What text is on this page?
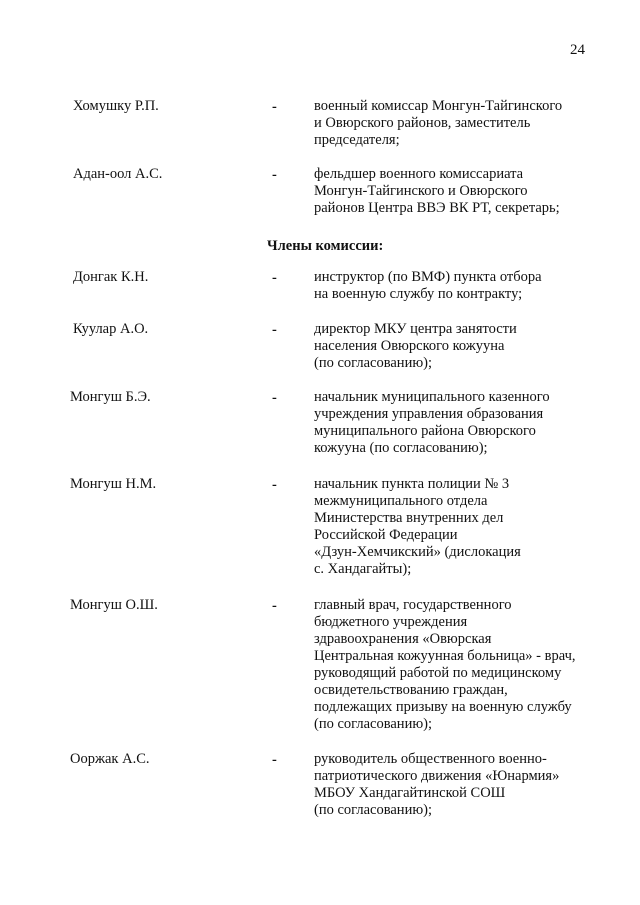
24
Хомушку Р.П.	-	военный комиссар Монгун-Тайгинского
и Овюрского районов, заместитель
председателя;
Адан-оол А.С.	-	фельдшер военного комиссариата
Монгун-Тайгинского и Овюрского
районов Центра ВВЭ ВК РТ, секретарь;
Члены комиссии:
Донгак К.Н.	-	инструктор (по ВМФ) пункта отбора
на военную службу по контракту;
Куулар А.О.	-	директор МКУ центра занятости
населения Овюрского кожууна
(по согласованию);
Монгуш Б.Э.	-	начальник муниципального казенного
учреждения управления образования
муниципального района Овюрского
кожууна (по согласованию);
Монгуш Н.М.	-	начальник пункта полиции № 3
межмуниципального отдела
Министерства внутренних дел
Российской Федерации
«Дзун-Хемчикский» (дислокация
с. Хандагайты);
Монгуш О.Ш.	-	главный врач, государственного
бюджетного учреждения
здравоохранения «Овюрская
Центральная кожуунная больница» - врач,
руководящий работой по медицинскому
освидетельствованию граждан,
подлежащих призыву на военную службу
(по согласованию);
Ооржак А.С.	-	руководитель общественного военно-
патриотического движения «Юнармия»
МБОУ Хандагайтинской СОШ
(по согласованию);
